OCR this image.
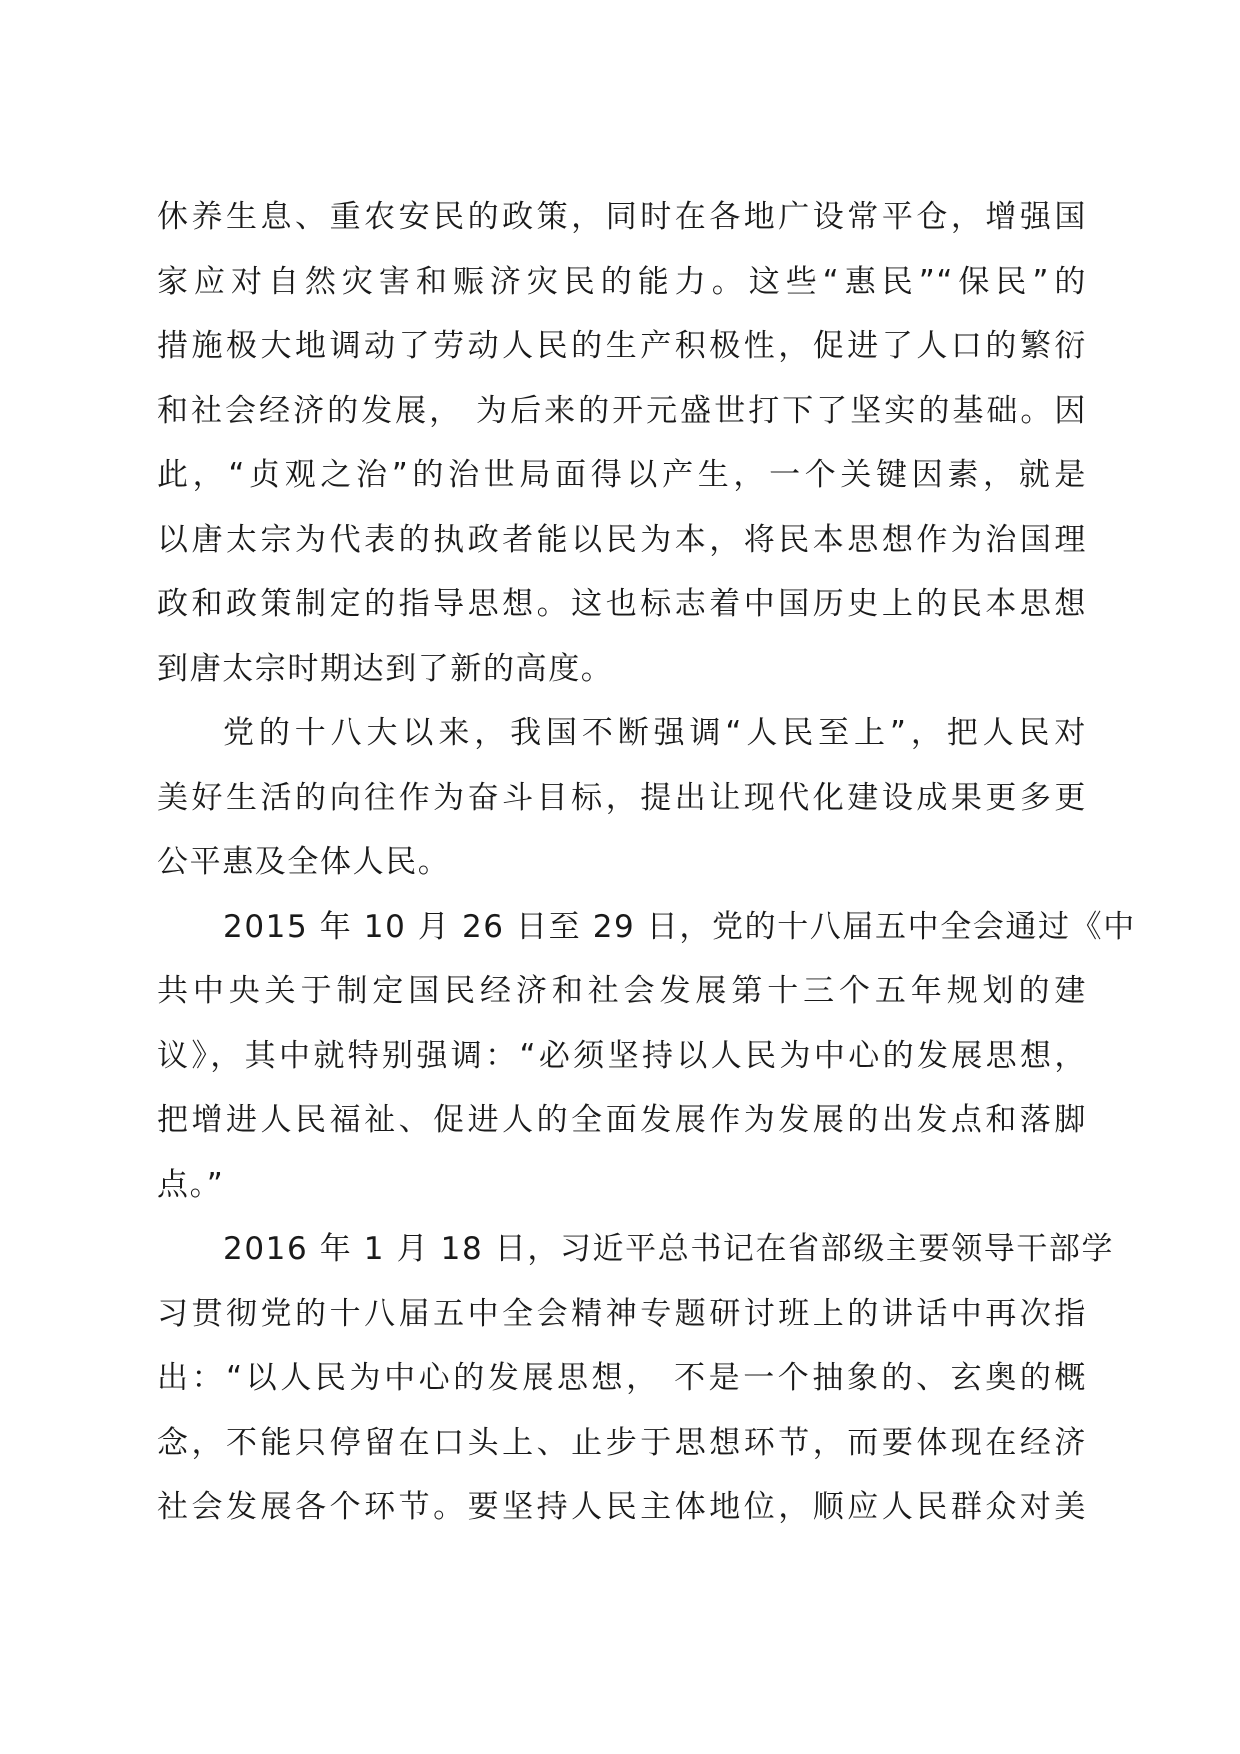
休养生息、重农安民的政策，同时在各地广设常平仓，增强国
家应对自然灾害和赈济灾民的能力。这些“惠民”“保民”的
措施极大地调动了劳动人民的生产积极性，促进了人口的繁衍
和社会经济的发展， 为后来的开元盛世打下了坚实的基础。因
此，“贞观之治”的治世局面得以产生，一个关键因素，就是
以唐太宗为代表的执政者能以民为本，将民本思想作为治国理
政和政策制定的指导思想。这也标志着中国历史上的民本思想
到唐太宗时期达到了新的高度。
党的十八大以来，我国不断强调“人民至上”，把人民对
美好生活的向往作为奋斗目标，提出让现代化建设成果更多更
公平惠及全体人民。
2015 年 10 月 26 日至 29 日，党的十八届五中全会通过《中
共中央关于制定国民经济和社会发展第十三个五年规划的建
议》，其中就特别强调：“必须坚持以人民为中心的发展思想，
把增进人民福祉、促进人的全面发展作为发展的出发点和落脚
点。”
2016 年 1 月 18 日，习近平总书记在省部级主要领导干部学
习贯彻党的十八届五中全会精神专题研讨班上的讲话中再次指
出：“以人民为中心的发展思想， 不是一个抽象的、玄奥的概
念，不能只停留在口头上、止步于思想环节，而要体现在经济
社会发展各个环节。要坚持人民主体地位，顺应人民群众对美
